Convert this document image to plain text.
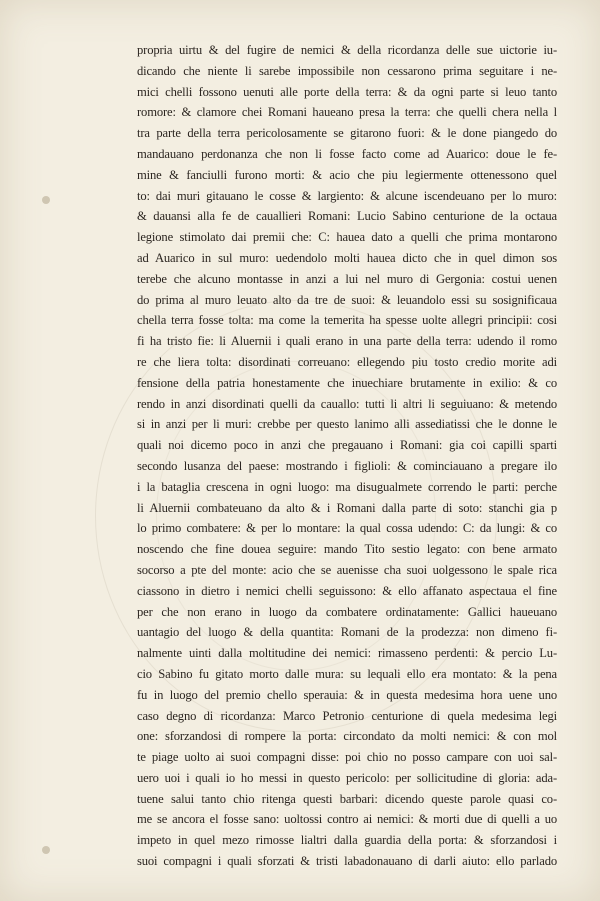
propria uirtu & del fugire de nemici & della ricordanza delle sue uictorie iu-
dicando che niente li sarebe impossibile non cessarono prima seguitare i ne-
mici chelli fossono uenuti alle porte della terra: & da ogni parte si leuo tanto
romore: & clamore chei Romani haueano presa la terra: che quelli chera nella l
tra parte della terra pericolosamente se gitarono fuori: & le done piangedo do
mandauano perdonanza che non li fosse facto come ad Auarico: doue le fe-
mine & fanciulli furono morti: & acio che piu legiermente ottenessono quel
to: dai muri gitauano le cosse & largiento: & alcune iscendeuano per lo muro:
& dauansi alla fe de cauallieri Romani: Lucio Sabino centurione de la octaua
legione stimolato dai premii che: C: hauea dato a quelli che prima montarono
ad Auarico in sul muro: uedendolo molti hauea dicto che in quel dimon sos
terebe che alcuno montasse in anzi a lui nel muro di Gergonia: costui uenen
do prima al muro leuato alto da tre de suoi: & leuandolo essi su sosignificaua
chella terra fosse tolta: ma come la temerita ha spesse uolte allegri principii: cosi
fi ha tristo fie: li Aluernii i quali erano in una parte della terra: udendo il romo
re che liera tolta: disordinati correuano: ellegendo piu tosto credio morite adi
fensione della patria honestamente che inuechiare brutamente in exilio: & co
rendo in anzi disordinati quelli da cauallo: tutti li altri li seguiuano: & metendo
si in anzi per li muri: crebbe per questo lanimo alli assediatissi che le donne le
quali noi dicemo poco in anzi che pregauano i Romani: gia coi capilli sparti
secondo lusanza del paese: mostrando i figlioli: & cominciauano a pregare ilo
i la bataglia crescena in ogni luogo: ma disugualmete correndo le parti: perche
li Aluernii combateuano da alto & i Romani dalla parte di soto: stanchi gia p
lo primo combatere: & per lo montare: la qual cossa udendo: C: da lungi: & co
noscendo che fine douea seguire: mando Tito sestio legato: con bene armato
socorso a pte del monte: acio che se auenisse cha suoi uolgessono le spale rica
ciassono in dietro i nemici chelli seguissono: & ello affanato aspectaua el fine
per che non erano in luogo da combatere ordinatamente: Gallici haueuano
uantagio del luogo & della quantita: Romani de la prodezza: non dimeno fi-
nalmente uinti dalla moltitudine dei nemici: rimasseno perdenti: & percio Lu-
cio Sabino fu gitato morto dalle mura: su lequali ello era montato: & la pena
fu in luogo del premio chello sperauia: & in questa medesima hora uene uno
caso degno di ricordanza: Marco Petronio centurione di quela medesima legi
one: sforzandosi di rompere la porta: circondato da molti nemici: & con mol
te piage uolto ai suoi compagni disse: poi chio no posso campare con uoi sal-
uero uoi i quali io ho messi in questo pericolo: per sollicitudine di gloria: ada-
tuene salui tanto chio ritenga questi barbari: dicendo queste parole quasi co-
me se ancora el fosse sano: uoltossi contro ai nemici: & morti due di quelli a uo
impeto in quel mezo rimosse lialtri dalla guardia della porta: & sforzandosi i
suoi compagni i quali sforzati & tristi labadonauano di darli aiuto: ello parlado
